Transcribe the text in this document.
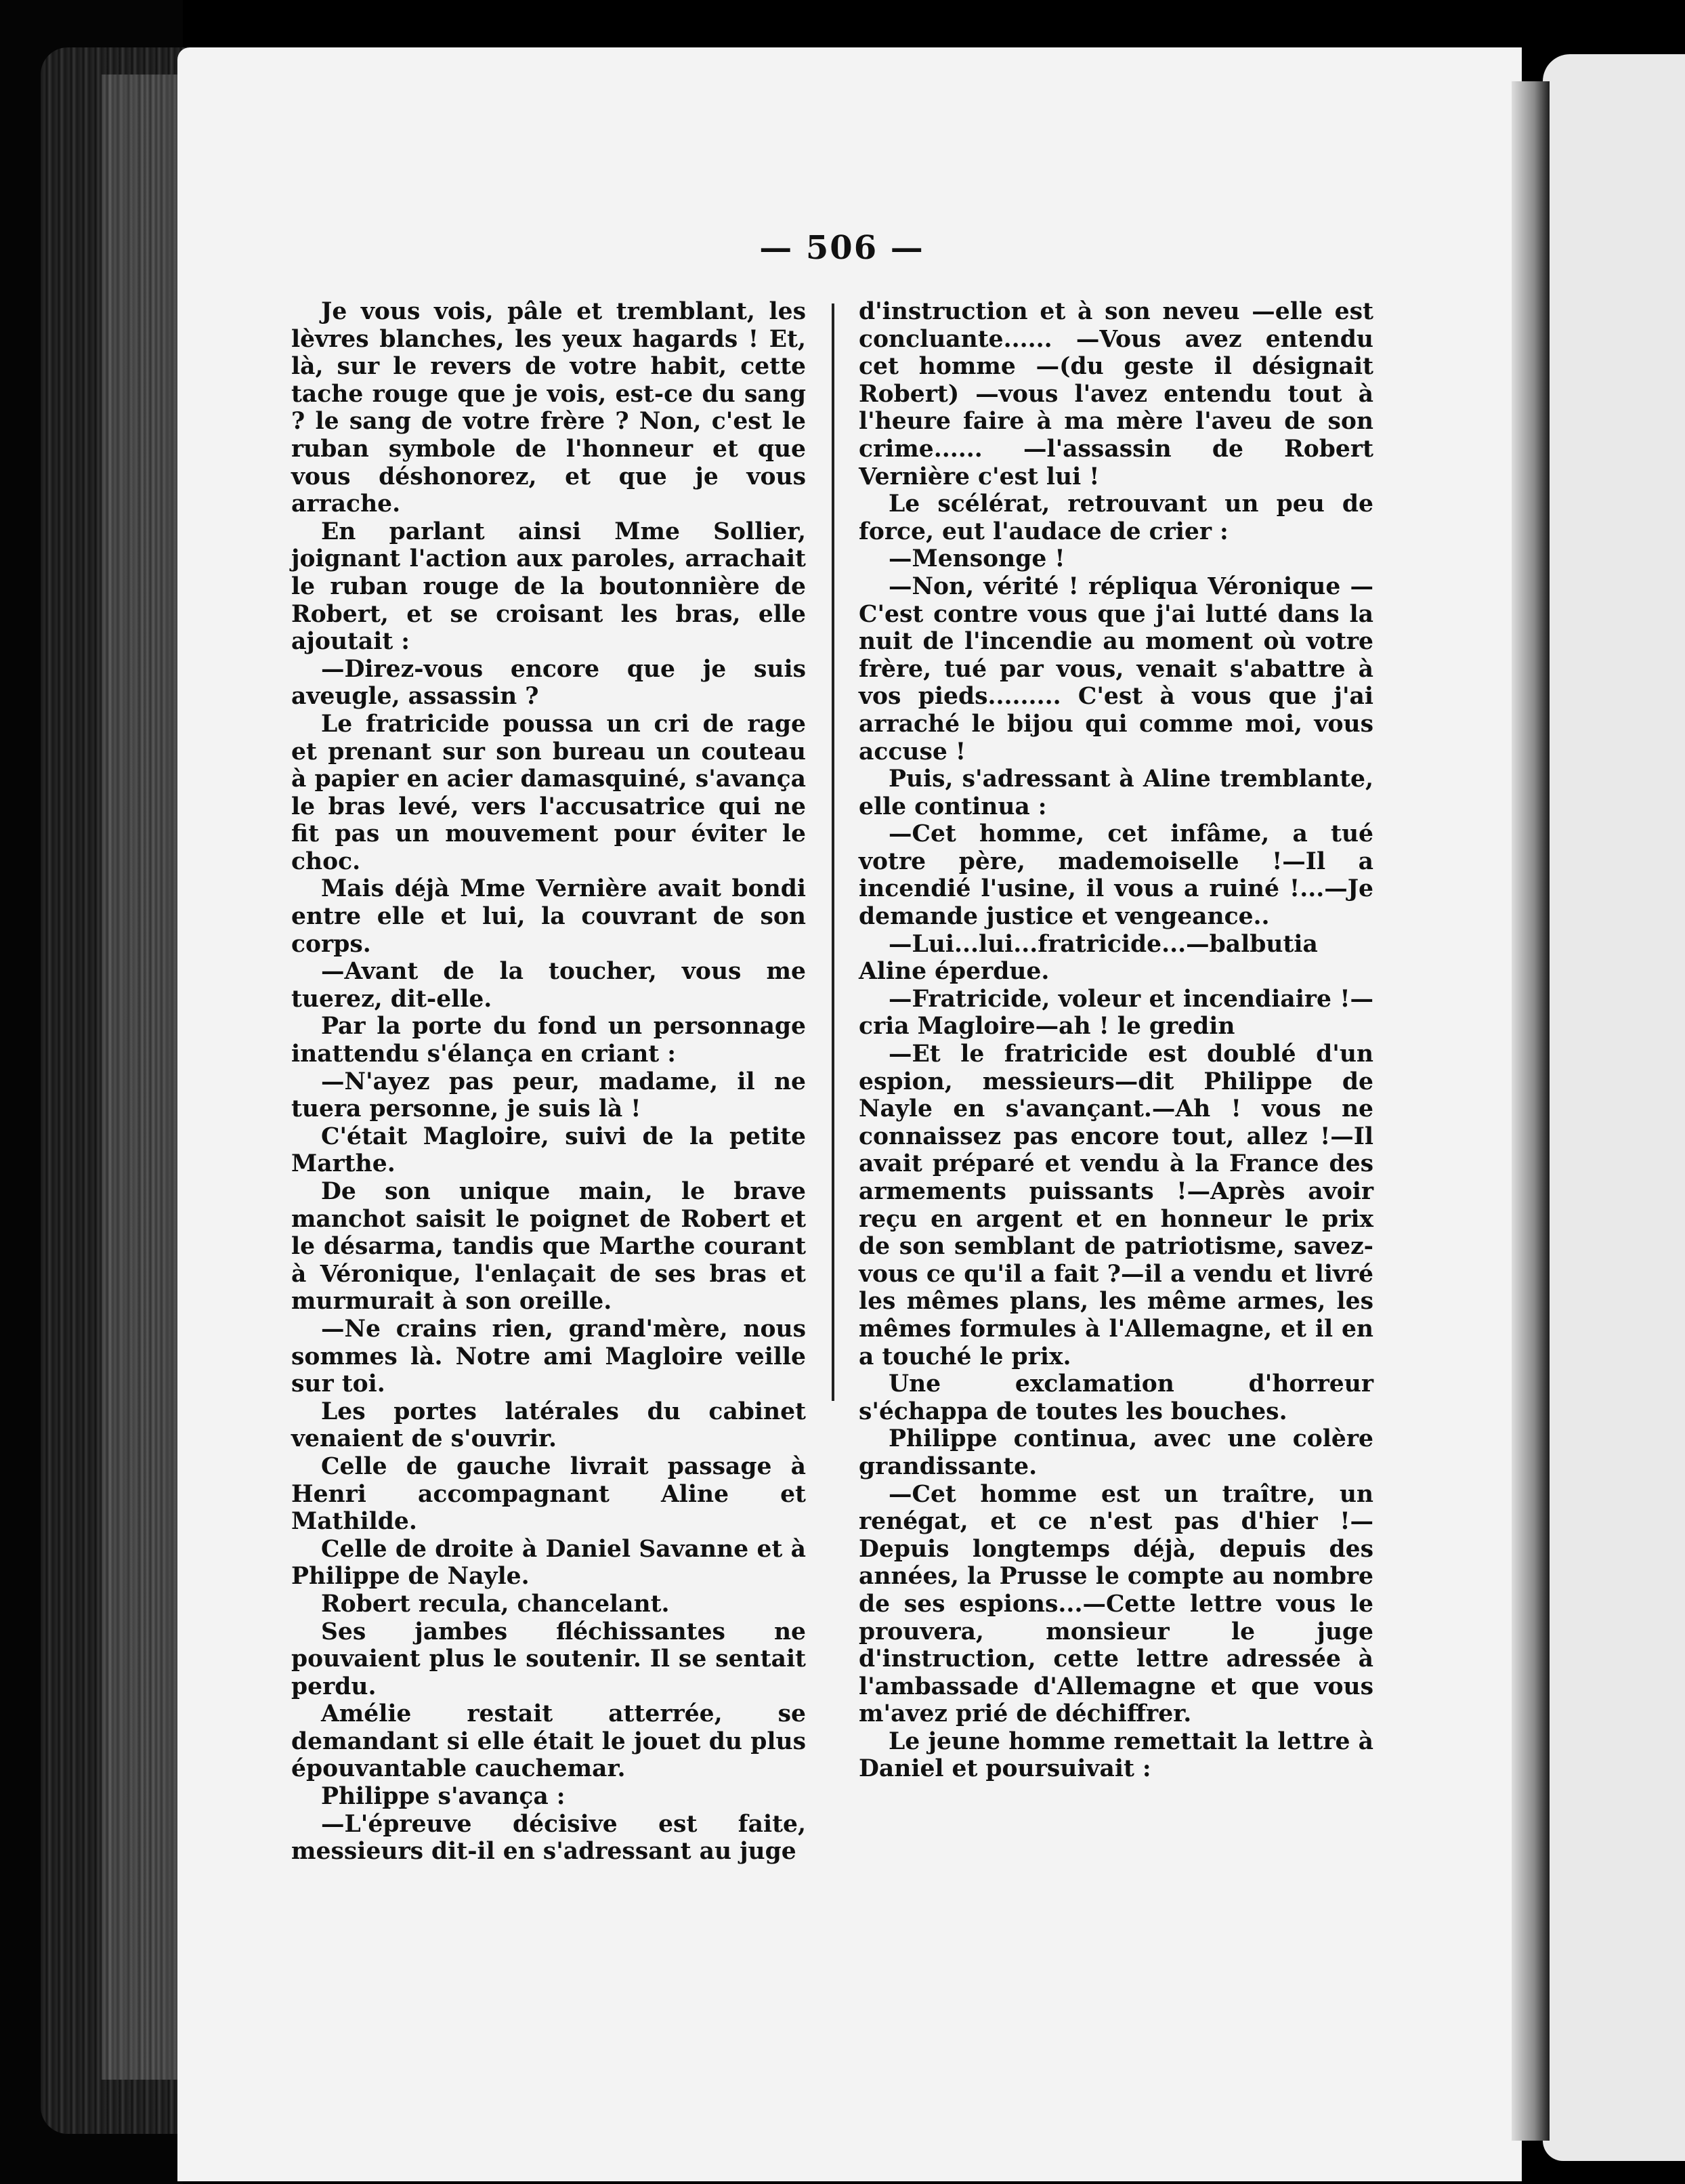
— 506 —

Je vous vois, pâle et tremblant, les lèvres blanches, les yeux hagards ! Et, là, sur le revers de votre habit, cette tache rouge que je vois, est-ce du sang ? le sang de votre frère ? Non, c'est le ruban symbole de l'honneur et que vous déshonorez, et que je vous arrache.

En parlant ainsi Mme Sollier, joignant l'action aux paroles, arrachait le ruban rouge de la boutonnière de Robert, et se croisant les bras, elle ajoutait :

—Direz-vous encore que je suis aveugle, assassin ?

Le fratricide poussa un cri de rage et prenant sur son bureau un couteau à papier en acier damasquiné, s'avança le bras levé, vers l'accusatrice qui ne fit pas un mouvement pour éviter le choc.

Mais déjà Mme Vernière avait bondi entre elle et lui, la couvrant de son corps.

—Avant de la toucher, vous me tuerez, dit-elle.

Par la porte du fond un personnage inattendu s'élança en criant :

—N'ayez pas peur, madame, il ne tuera personne, je suis là !

C'était Magloire, suivi de la petite Marthe.

De son unique main, le brave manchot saisit le poignet de Robert et le désarma, tandis que Marthe courant à Véronique, l'enlaçait de ses bras et murmurait à son oreille.

—Ne crains rien, grand'mère, nous sommes là. Notre ami Magloire veille sur toi.

Les portes latérales du cabinet venaient de s'ouvrir.

Celle de gauche livrait passage à Henri accompagnant Aline et Mathilde.

Celle de droite à Daniel Savanne et à Philippe de Nayle.

Robert recula, chancelant.

Ses jambes fléchissantes ne pouvaient plus le soutenir. Il se sentait perdu.

Amélie restait atterrée, se demandant si elle était le jouet du plus épouvantable cauchemar.

Philippe s'avança :

—L'épreuve décisive est faite, messieurs dit-il en s'adressant au juge

d'instruction et à son neveu —elle est concluante...... —Vous avez entendu cet homme —(du geste il désignait Robert) —vous l'avez entendu tout à l'heure faire à ma mère l'aveu de son crime...... —l'assassin de Robert Vernière c'est lui !

Le scélérat, retrouvant un peu de force, eut l'audace de crier :

—Mensonge !

—Non, vérité ! répliqua Véronique —C'est contre vous que j'ai lutté dans la nuit de l'incendie au moment où votre frère, tué par vous, venait s'abattre à vos pieds......... C'est à vous que j'ai arraché le bijou qui comme moi, vous accuse !

Puis, s'adressant à Aline tremblante, elle continua :

—Cet homme, cet infâme, a tué votre père, mademoiselle !—Il a incendié l'usine, il vous a ruiné !...—Je demande justice et vengeance..

—Lui...lui...fratricide...—balbutia Aline éperdue.

—Fratricide, voleur et incendiaire !—cria Magloire—ah ! le gredin

—Et le fratricide est doublé d'un espion, messieurs—dit Philippe de Nayle en s'avançant.—Ah ! vous ne connaissez pas encore tout, allez !—Il avait préparé et vendu à la France des armements puissants !—Après avoir reçu en argent et en honneur le prix de son semblant de patriotisme, savez-vous ce qu'il a fait ?—il a vendu et livré les mêmes plans, les même armes, les mêmes formules à l'Allemagne, et il en a touché le prix.

Une exclamation d'horreur s'échappa de toutes les bouches.

Philippe continua, avec une colère grandissante.

—Cet homme est un traître, un renégat, et ce n'est pas d'hier !—Depuis longtemps déjà, depuis des années, la Prusse le compte au nombre de ses espions...—Cette lettre vous le prouvera, monsieur le juge d'instruction, cette lettre adressée à l'ambassade d'Allemagne et que vous m'avez prié de déchiffrer.

Le jeune homme remettait la lettre à Daniel et poursuivait :
